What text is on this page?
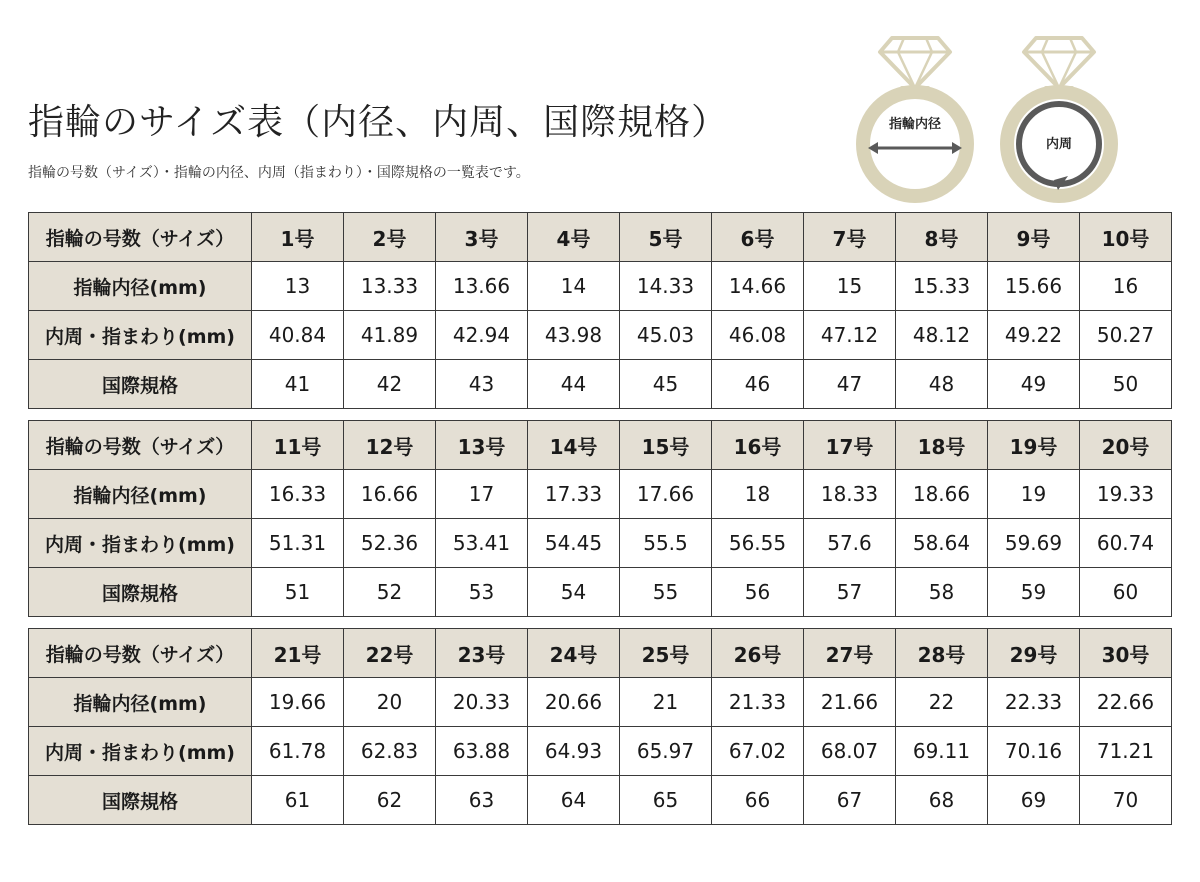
指輪のサイズ表（内径、内周、国際規格）

指輪の号数（サイズ）・指輪の内径、内周（指まわり）・国際規格の一覧表です。

指輪内径
内周
指輪の号数（サイズ）	1号	2号	3号	4号	5号	6号	7号	8号	9号	10号
指輪内径(mm)	13	13.33	13.66	14	14.33	14.66	15	15.33	15.66	16
内周・指まわり(mm)	40.84	41.89	42.94	43.98	45.03	46.08	47.12	48.12	49.22	50.27
国際規格	41	42	43	44	45	46	47	48	49	50
指輪の号数（サイズ）	11号	12号	13号	14号	15号	16号	17号	18号	19号	20号
指輪内径(mm)	16.33	16.66	17	17.33	17.66	18	18.33	18.66	19	19.33
内周・指まわり(mm)	51.31	52.36	53.41	54.45	55.5	56.55	57.6	58.64	59.69	60.74
国際規格	51	52	53	54	55	56	57	58	59	60
指輪の号数（サイズ）	21号	22号	23号	24号	25号	26号	27号	28号	29号	30号
指輪内径(mm)	19.66	20	20.33	20.66	21	21.33	21.66	22	22.33	22.66
内周・指まわり(mm)	61.78	62.83	63.88	64.93	65.97	67.02	68.07	69.11	70.16	71.21
国際規格	61	62	63	64	65	66	67	68	69	70
